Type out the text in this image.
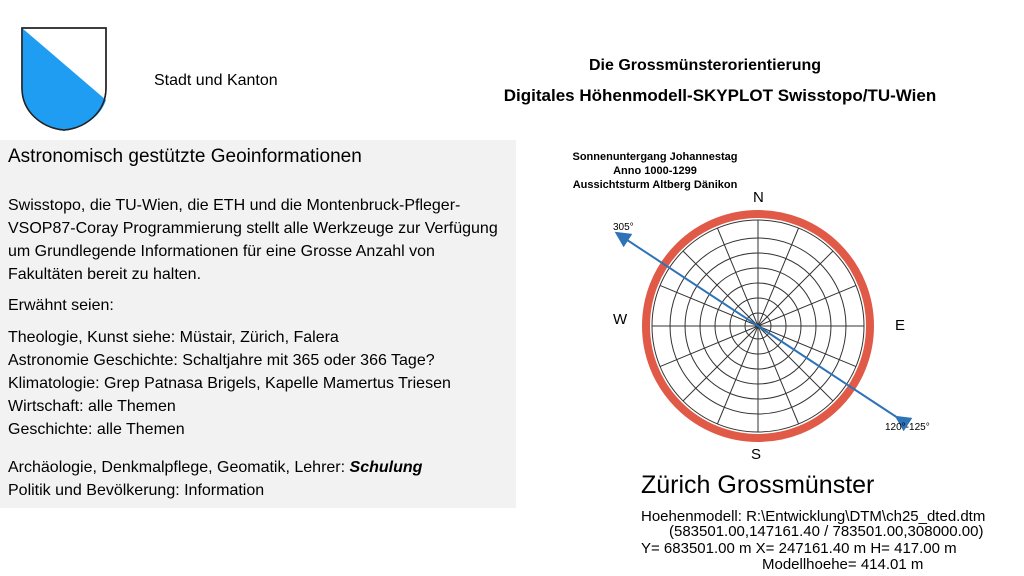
Stadt und Kanton
Die Grossmünsterorientierung
Digitales Höhenmodell-SKYPLOT Swisstopo/TU-Wien
Astronomisch gestützte Geoinformationen
Swisstopo, die TU-Wien, die ETH und die Montenbruck-Pfleger-VSOP87-Coray Programmierung stellt alle Werkzeuge zur Verfügung um Grundlegende Informationen für eine Grosse Anzahl von Fakultäten bereit zu halten.
Erwähnt seien:
Theologie, Kunst siehe: Müstair, Zürich, Falera
Astronomie Geschichte: Schaltjahre mit 365 oder 366 Tage?
Klimatologie: Grep Patnasa Brigels, Kapelle Mamertus Triesen
Wirtschaft: alle Themen
Geschichte: alle Themen
Archäologie, Denkmalpflege, Geomatik, Lehrer: Schulung
Politik und Bevölkerung: Information
Sonnenuntergang Johannestag
Anno 1000-1299
Aussichtsturm Altberg Dänikon
N
W	E
S
305°
120°-125°
Zürich Grossmünster
Hoehenmodell: R:\Entwicklung\DTM\ch25_dted.dtm
(583501.00,147161.40 / 783501.00,308000.00)
Y= 683501.00 m X= 247161.40 m H= 417.00 m
Modellhoehe= 414.01 m
